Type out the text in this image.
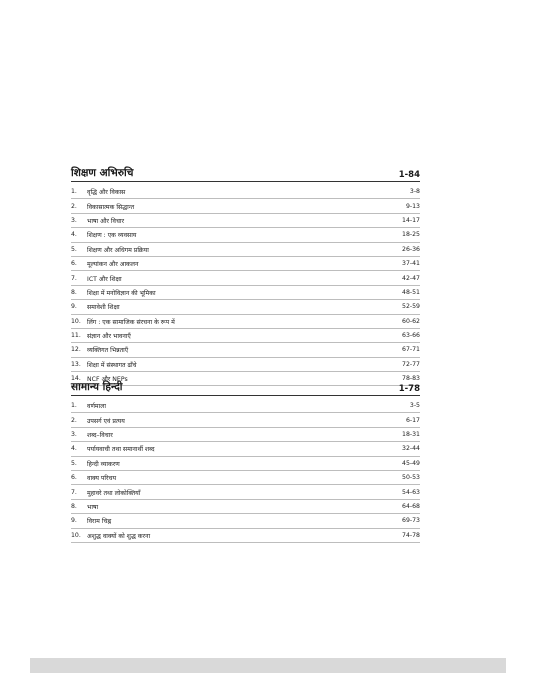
शिक्षण अभिरुचि	1-84
1.	वृद्धि और विकास	3-8
2.	विकासात्मक सिद्धान्त	9-13
3.	भाषा और विचार	14-17
4.	शिक्षण : एक व्यवसाय	18-25
5.	शिक्षण और अधिगम प्रक्रिया	26-36
6.	मूल्यांकन और आकलन	37-41
7.	ICT और शिक्षा	42-47
8.	शिक्षा में मनोविज्ञान की भूमिका	48-51
9.	समावेशी शिक्षा	52-59
10. लिंग : एक सामाजिक संरचना के रूप में	60-62
11. संज्ञान और भावनाएँ	63-66
12. व्यक्तिगत भिन्नताएँ	67-71
13. शिक्षा में संस्थागत ढाँचे	72-77
14. NCF और NEPs	78-83
सामान्य हिन्दी	1-78
1.	वर्णमाला	3-5
2.	उपसर्ग एवं प्रत्यय	6-17
3.	शब्द–विचार	18-31
4.	पर्यायवाची तथा समानार्थी शब्द	32-44
5.	हिन्दी व्याकरण	45-49
6.	वाक्य परिचय	50-53
7.	मुहावरे तथा लोकोक्तियाँ	54-63
8.	भाषा	64-68
9.	विराम चिह्न	69-73
10. अशुद्ध वाक्यों को शुद्ध करना	74-78
